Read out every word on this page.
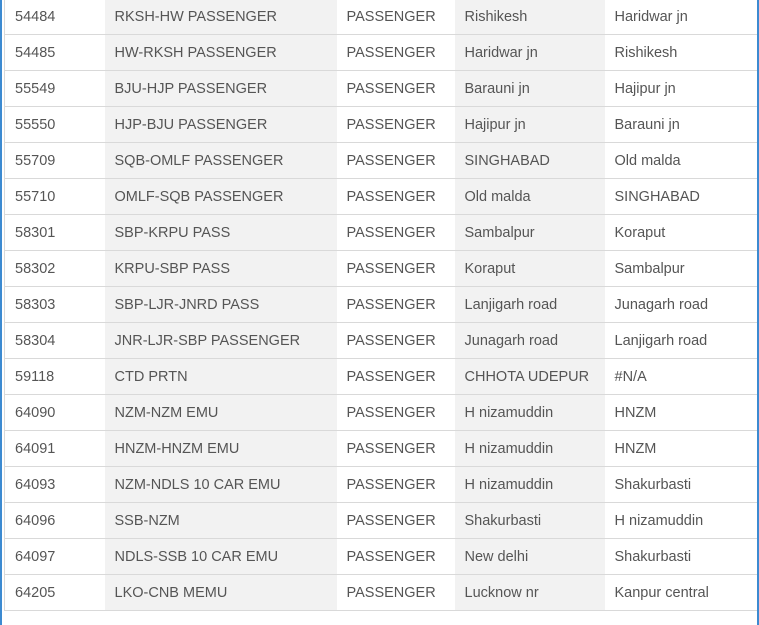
54484	RKSH-HW PASSENGER	PASSENGER	Rishikesh	Haridwar jn
54485	HW-RKSH PASSENGER	PASSENGER	Haridwar jn	Rishikesh
55549	BJU-HJP PASSENGER	PASSENGER	Barauni jn	Hajipur jn
55550	HJP-BJU PASSENGER	PASSENGER	Hajipur jn	Barauni jn
55709	SQB-OMLF PASSENGER	PASSENGER	SINGHABAD	Old malda
55710	OMLF-SQB PASSENGER	PASSENGER	Old malda	SINGHABAD
58301	SBP-KRPU PASS	PASSENGER	Sambalpur	Koraput
58302	KRPU-SBP PASS	PASSENGER	Koraput	Sambalpur
58303	SBP-LJR-JNRD PASS	PASSENGER	Lanjigarh road	Junagarh road
58304	JNR-LJR-SBP PASSENGER	PASSENGER	Junagarh road	Lanjigarh road
59118	CTD PRTN	PASSENGER	CHHOTA UDEPUR	#N/A
64090	NZM-NZM EMU	PASSENGER	H nizamuddin	HNZM
64091	HNZM-HNZM EMU	PASSENGER	H nizamuddin	HNZM
64093	NZM-NDLS 10 CAR EMU	PASSENGER	H nizamuddin	Shakurbasti
64096	SSB-NZM	PASSENGER	Shakurbasti	H nizamuddin
64097	NDLS-SSB 10 CAR EMU	PASSENGER	New delhi	Shakurbasti
64205	LKO-CNB MEMU	PASSENGER	Lucknow nr	Kanpur central
